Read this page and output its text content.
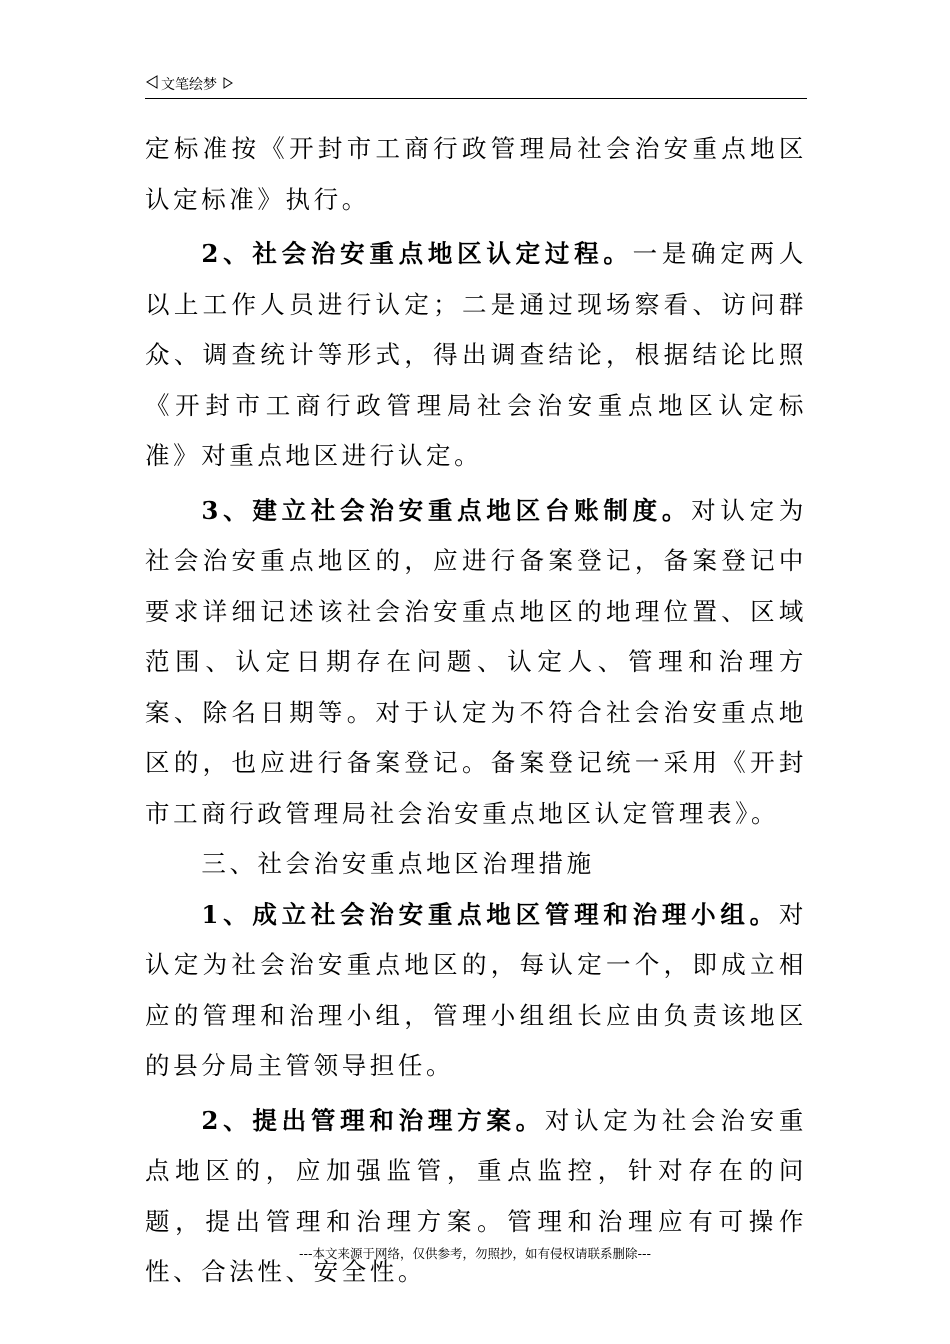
文笔绘梦

定标准按《开封市工商行政管理局社会治安重点地区认定标准》执行。

2、社会治安重点地区认定过程。一是确定两人以上工作人员进行认定；二是通过现场察看、访问群众、调查统计等形式，得出调查结论，根据结论比照《开封市工商行政管理局社会治安重点地区认定标准》对重点地区进行认定。

3、建立社会治安重点地区台账制度。对认定为社会治安重点地区的，应进行备案登记，备案登记中要求详细记述该社会治安重点地区的地理位置、区域范围、认定日期存在问题、认定人、管理和治理方案、除名日期等。对于认定为不符合社会治安重点地区的，也应进行备案登记。备案登记统一采用《开封市工商行政管理局社会治安重点地区认定管理表》。

三、社会治安重点地区治理措施

1、成立社会治安重点地区管理和治理小组。对认定为社会治安重点地区的，每认定一个，即成立相应的管理和治理小组，管理小组组长应由负责该地区的县分局主管领导担任。

2、提出管理和治理方案。对认定为社会治安重点地区的，应加强监管，重点监控，针对存在的问题，提出管理和治理方案。管理和治理应有可操作性、合法性、安全性。

---本文来源于网络，仅供参考，勿照抄，如有侵权请联系删除---
